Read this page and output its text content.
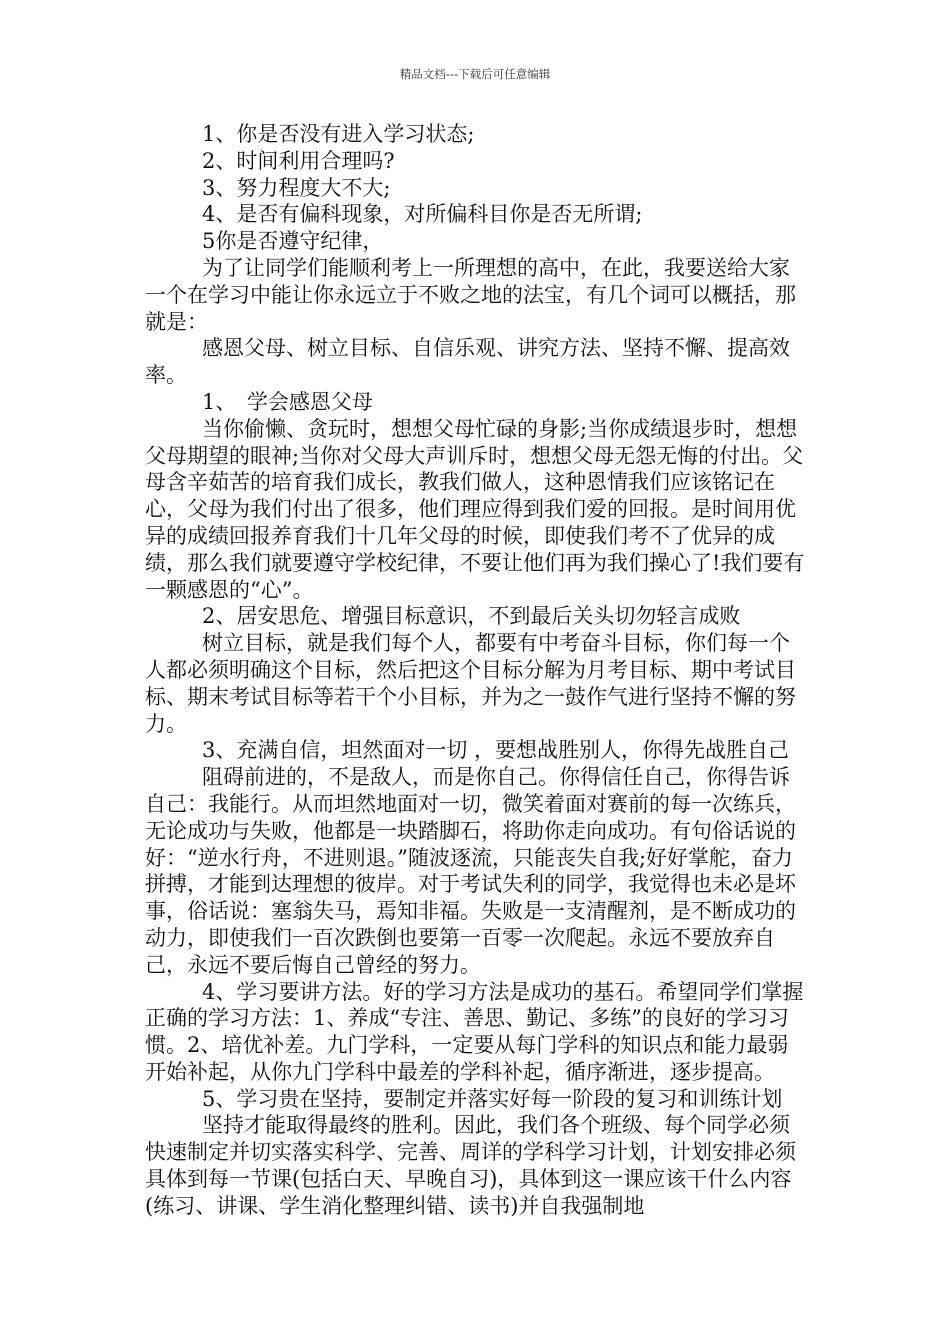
精品文档---下载后可任意编辑

1、你是否没有进入学习状态;

2、时间利用合理吗?

3、努力程度大不大;

4、是否有偏科现象，对所偏科目你是否无所谓;

5你是否遵守纪律，

为了让同学们能顺利考上一所理想的高中，在此，我要送给大家一个在学习中能让你永远立于不败之地的法宝，有几个词可以概括，那就是：

感恩父母、树立目标、自信乐观、讲究方法、坚持不懈、提高效率。

1、　学会感恩父母

当你偷懒、贪玩时，想想父母忙碌的身影;当你成绩退步时，想想父母期望的眼神;当你对父母大声训斥时，想想父母无怨无悔的付出。父母含辛茹苦的培育我们成长，教我们做人，这种恩情我们应该铭记在心，父母为我们付出了很多，他们理应得到我们爱的回报。是时间用优异的成绩回报养育我们十几年父母的时候，即使我们考不了优异的成绩，那么我们就要遵守学校纪律，不要让他们再为我们操心了!我们要有一颗感恩的“心”。

2、居安思危、增强目标意识，不到最后关头切勿轻言成败

树立目标，就是我们每个人，都要有中考奋斗目标，你们每一个人都必须明确这个目标，然后把这个目标分解为月考目标、期中考试目标、期末考试目标等若干个小目标，并为之一鼓作气进行坚持不懈的努力。

3、充满自信，坦然面对一切 ，要想战胜别人，你得先战胜自己

阻碍前进的，不是敌人，而是你自己。你得信任自己，你得告诉自己：我能行。从而坦然地面对一切，微笑着面对赛前的每一次练兵，无论成功与失败，他都是一块踏脚石，将助你走向成功。有句俗话说的好：“逆水行舟，不进则退。”随波逐流，只能丧失自我;好好掌舵，奋力拼搏，才能到达理想的彼岸。对于考试失利的同学，我觉得也未必是坏事，俗话说：塞翁失马，焉知非福。失败是一支清醒剂，是不断成功的动力，即使我们一百次跌倒也要第一百零一次爬起。永远不要放弃自己，永远不要后悔自己曾经的努力。

4、学习要讲方法。好的学习方法是成功的基石。希望同学们掌握正确的学习方法：1、养成“专注、善思、勤记、多练”的良好的学习习惯。2、培优补差。九门学科，一定要从每门学科的知识点和能力最弱开始补起，从你九门学科中最差的学科补起，循序渐进，逐步提高。

5、学习贵在坚持，要制定并落实好每一阶段的复习和训练计划

坚持才能取得最终的胜利。因此，我们各个班级、每个同学必须快速制定并切实落实科学、完善、周详的学科学习计划，计划安排必须具体到每一节课(包括白天、早晚自习)，具体到这一课应该干什么内容(练习、讲课、学生消化整理纠错、读书)并自我强制地
